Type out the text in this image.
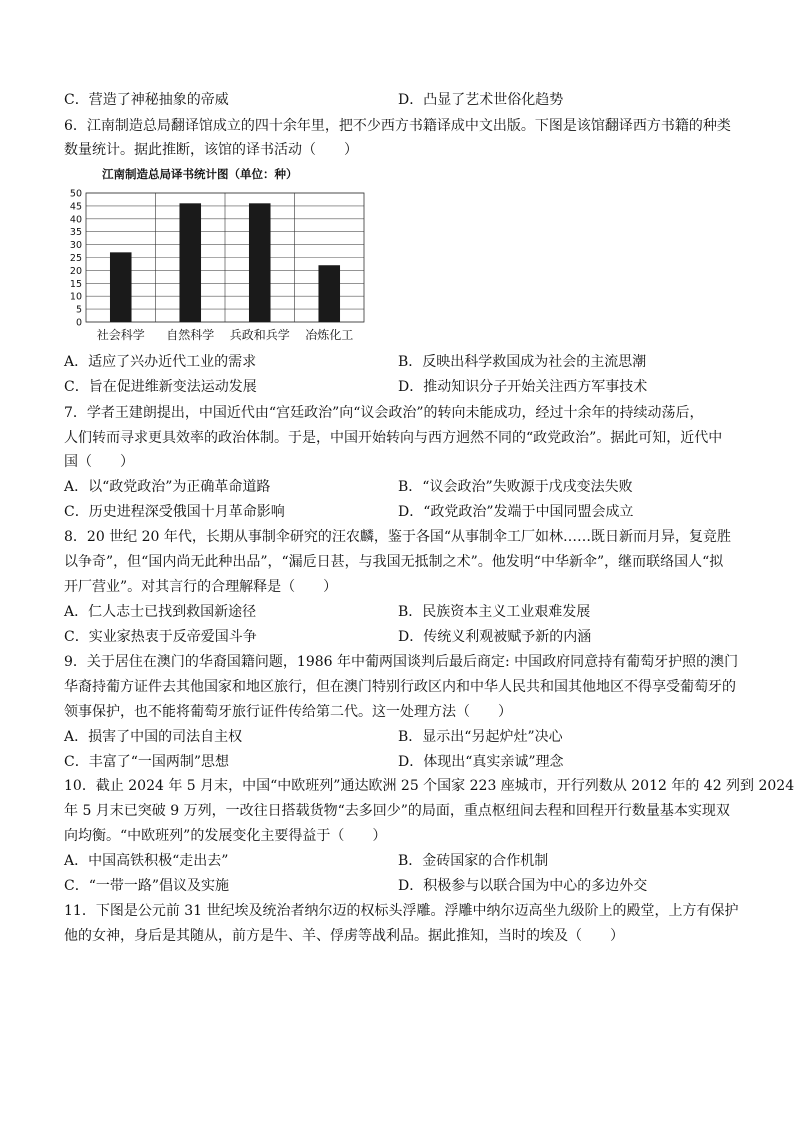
C．营造了神秘抽象的帝威	D．凸显了艺术世俗化趋势
6．江南制造总局翻译馆成立的四十余年里，把不少西方书籍译成中文出版。下图是该馆翻译西方书籍的种类
数量统计。据此推断，该馆的译书活动（　　）
江南制造总局译书统计图（单位：种）
0
5
10
15
20
25
30
35
40
45
50
社会科学 自然科学 兵政和兵学 冶炼化工
A．适应了兴办近代工业的需求	B．反映出科学救国成为社会的主流思潮
C．旨在促进维新变法运动发展	D．推动知识分子开始关注西方军事技术
7．学者王建朗提出，中国近代由“宫廷政治”向“议会政治”的转向未能成功，经过十余年的持续动荡后，
人们转而寻求更具效率的政治体制。于是，中国开始转向与西方迥然不同的“政党政治”。据此可知，近代中
国（　　）
A．以“政党政治”为正确革命道路	B．“议会政治”失败源于戊戌变法失败
C．历史进程深受俄国十月革命影响	D．“政党政治”发端于中国同盟会成立
8．20 世纪 20 年代，长期从事制伞研究的汪农麟，鉴于各国“从事制伞工厂如林……既日新而月异，复竞胜
以争奇”，但“国内尚无此种出品”，“漏卮日甚，与我国无抵制之术”。他发明“中华新伞”，继而联络国人“拟
开厂营业”。对其言行的合理解释是（　　）
A．仁人志士已找到救国新途径	B．民族资本主义工业艰难发展
C．实业家热衷于反帝爱国斗争	D．传统义利观被赋予新的内涵
9．关于居住在澳门的华裔国籍问题，1986 年中葡两国谈判后最后商定: 中国政府同意持有葡萄牙护照的澳门
华裔持葡方证件去其他国家和地区旅行，但在澳门特别行政区内和中华人民共和国其他地区不得享受葡萄牙的
领事保护，也不能将葡萄牙旅行证件传给第二代。这一处理方法（　　）
A．损害了中国的司法自主权	B．显示出“另起炉灶”决心
C．丰富了“一国两制”思想	D．体现出“真实亲诚”理念
10．截止 2024 年 5 月末，中国“中欧班列”通达欧洲 25 个国家 223 座城市，开行列数从 2012 年的 42 列到 2024
年 5 月末已突破 9 万列，一改往日搭载货物“去多回少”的局面，重点枢纽间去程和回程开行数量基本实现双
向均衡。“中欧班列”的发展变化主要得益于（　　）
A．中国高铁积极“走出去”	B．金砖国家的合作机制
C．“一带一路”倡议及实施	D．积极参与以联合国为中心的多边外交
11．下图是公元前 31 世纪埃及统治者纳尔迈的权标头浮雕。浮雕中纳尔迈高坐九级阶上的殿堂，上方有保护
他的女神，身后是其随从，前方是牛、羊、俘虏等战利品。据此推知，当时的埃及（　　）
